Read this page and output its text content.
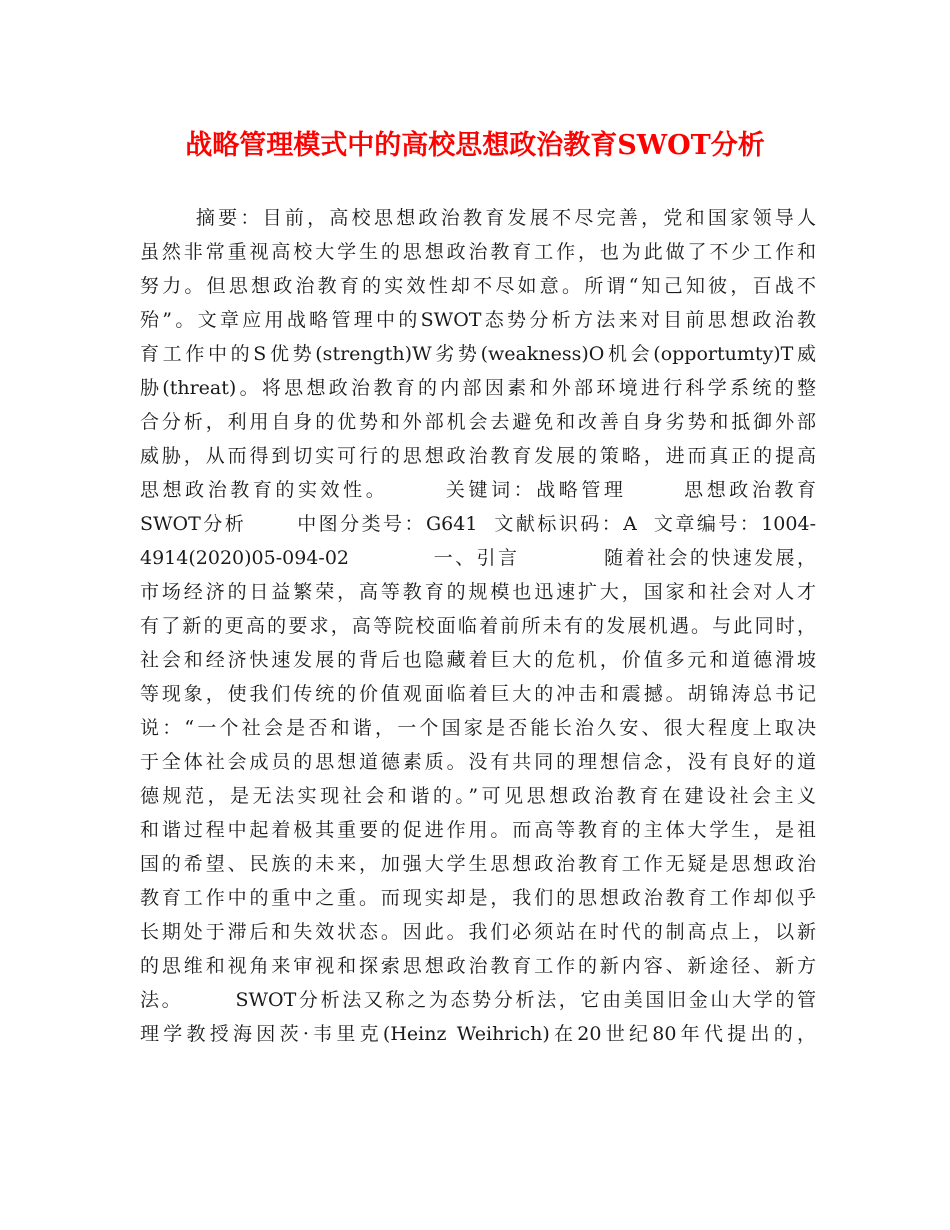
战略管理模式中的高校思想政治教育SWOT分析
摘要：目前，高校思想政治教育发展不尽完善，党和国家领导人
虽然非常重视高校大学生的思想政治教育工作，也为此做了不少工作和
努力。但思想政治教育的实效性却不尽如意。所谓“知己知彼，百战不
殆”。文章应用战略管理中的SWOT态势分析方法来对目前思想政治教
育工作中的S优势(strength)W劣势(weakness)O机会(opportumty)T威
胁(threat)。将思想政治教育的内部因素和外部环境进行科学系统的整
合分析，利用自身的优势和外部机会去避免和改善自身劣势和抵御外部
威胁，从而得到切实可行的思想政治教育发展的策略，进而真正的提高
思想政治教育的实效性。      关键词：战略管理      思想政治教育
SWOT分析      中图分类号：G641  文献标识码：A  文章编号：1004-
4914(2020)05-094-02          一、引言          随着社会的快速发展，
市场经济的日益繁荣，高等教育的规模也迅速扩大，国家和社会对人才
有了新的更高的要求，高等院校面临着前所未有的发展机遇。与此同时，
社会和经济快速发展的背后也隐藏着巨大的危机，价值多元和道德滑坡
等现象，使我们传统的价值观面临着巨大的冲击和震撼。胡锦涛总书记
说：“一个社会是否和谐，一个国家是否能长治久安、很大程度上取决
于全体社会成员的思想道德素质。没有共同的理想信念，没有良好的道
德规范，是无法实现社会和谐的。”可见思想政治教育在建设社会主义
和谐过程中起着极其重要的促进作用。而高等教育的主体大学生，是祖
国的希望、民族的未来，加强大学生思想政治教育工作无疑是思想政治
教育工作中的重中之重。而现实却是，我们的思想政治教育工作却似乎
长期处于滞后和失效状态。因此。我们必须站在时代的制高点上，以新
的思维和视角来审视和探索思想政治教育工作的新内容、新途径、新方
法。      SWOT分析法又称之为态势分析法，它由美国旧金山大学的管
理学教授海因茨·韦里克(Heinz Weihrich)在20世纪80年代提出的，
